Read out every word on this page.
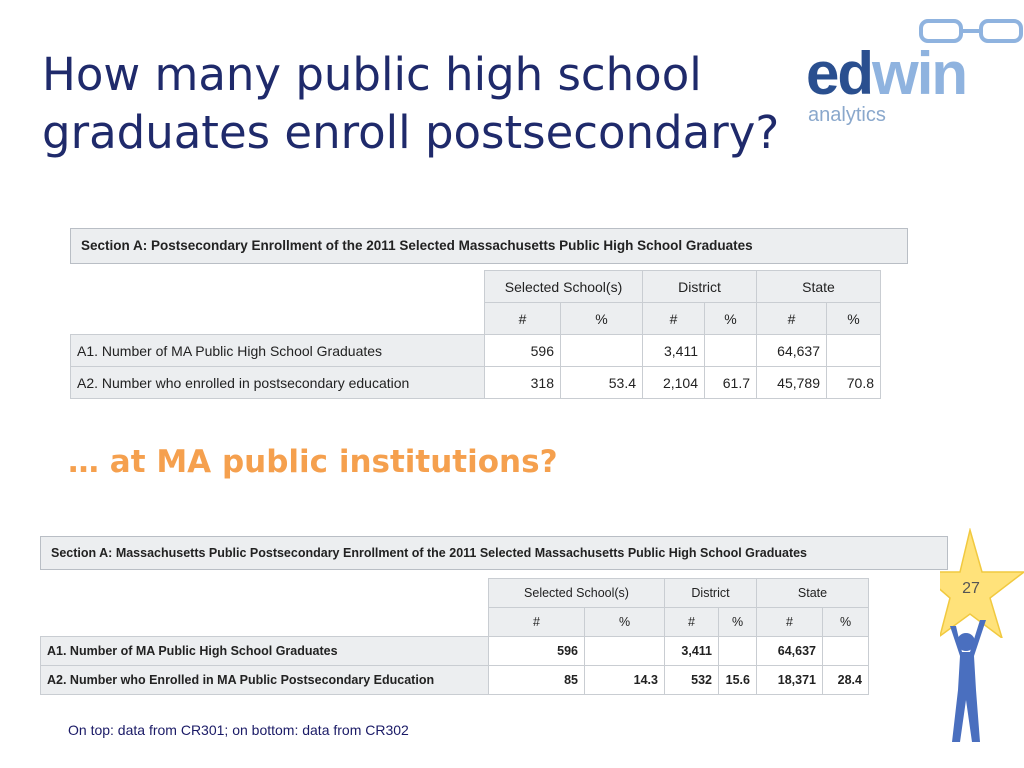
How many public high school graduates enroll postsecondary?
edwin
analytics
Section A: Postsecondary Enrollment of the 2011 Selected Massachusetts Public High School Graduates
	Selected School(s)		District		State	
	#	%	#	%	#	%
A1. Number of MA Public High School Graduates	596		3,411		64,637	
A2. Number who enrolled in postsecondary education	318	53.4	2,104	61.7	45,789	70.8
… at MA public institutions?
Section A: Massachusetts Public Postsecondary Enrollment of the 2011 Selected Massachusetts Public High School Graduates
	Selected School(s)		District		State	
	#	%	#	%	#	%
A1. Number of MA Public High School Graduates	596		3,411		64,637	
A2. Number who Enrolled in MA Public Postsecondary Education	85	14.3	532	15.6	18,371	28.4
On top: data from CR301; on bottom: data from CR302
27
